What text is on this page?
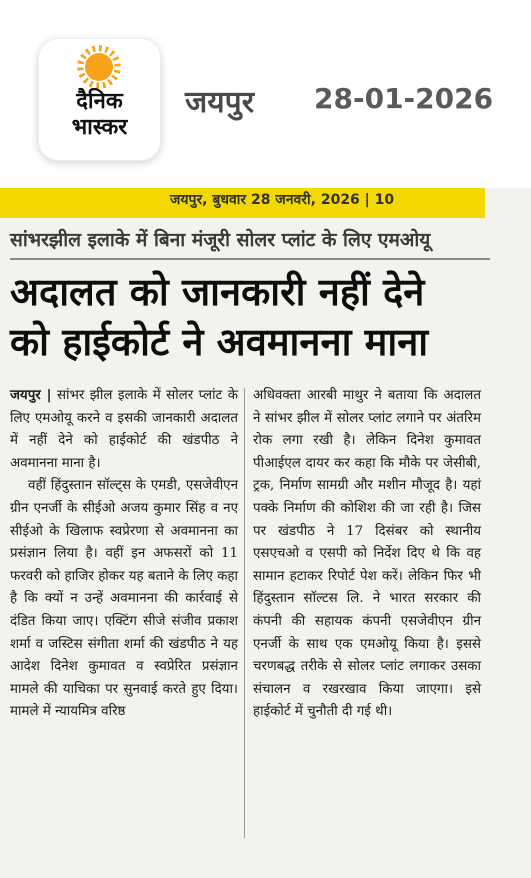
दैनिक
भास्कर
जयपुर 28-01-2026
जयपुर, बुधवार 28 जनवरी, 2026 | 10
सांभरझील इलाके में बिना मंजूरी सोलर प्लांट के लिए एमओयू
अदालत को जानकारी नहीं देने
को हाईकोर्ट ने अवमानना माना

जयपुर | सांभर झील इलाके में सोलर प्लांट के लिए एमओयू करने व इसकी जानकारी अदालत में नहीं देने को हाईकोर्ट की खंडपीठ ने अवमानना माना है।

वहीं हिंदुस्तान सॉल्ट्स के एमडी, एसजेवीएन ग्रीन एनर्जी के सीईओ अजय कुमार सिंह व नए सीईओ के खिलाफ स्वप्रेरणा से अवमानना का प्रसंज्ञान लिया है। वहीं इन अफसरों को 11 फरवरी को हाजिर होकर यह बताने के लिए कहा है कि क्यों न उन्हें अवमानना की कार्रवाई से दंडित किया जाए। एक्टिंग सीजे संजीव प्रकाश शर्मा व जस्टिस संगीता शर्मा की खंडपीठ ने यह आदेश दिनेश कुमावत व स्वप्रेरित प्रसंज्ञान मामले की याचिका पर सुनवाई करते हुए दिया। मामले में न्यायमित्र वरिष्ठ

अधिवक्ता आरबी माथुर ने बताया कि अदालत ने सांभर झील में सोलर प्लांट लगाने पर अंतरिम रोक लगा रखी है। लेकिन दिनेश कुमावत पीआईएल दायर कर कहा कि मौके पर जेसीबी, ट्रक, निर्माण सामग्री और मशीन मौजूद है। यहां पक्के निर्माण की कोशिश की जा रही है। जिस पर खंडपीठ ने 17 दिसंबर को स्थानीय एसएचओ व एसपी को निर्देश दिए थे कि वह सामान हटाकर रिपोर्ट पेश करें। लेकिन फिर भी हिंदुस्तान सॉल्टस लि. ने भारत सरकार की कंपनी की सहायक कंपनी एसजेवीएन ग्रीन एनर्जी के साथ एक एमओयू किया है। इससे चरणबद्ध तरीके से सोलर प्लांट लगाकर उसका संचालन व रखरखाव किया जाएगा। इसे हाईकोर्ट में चुनौती दी गई थी।
